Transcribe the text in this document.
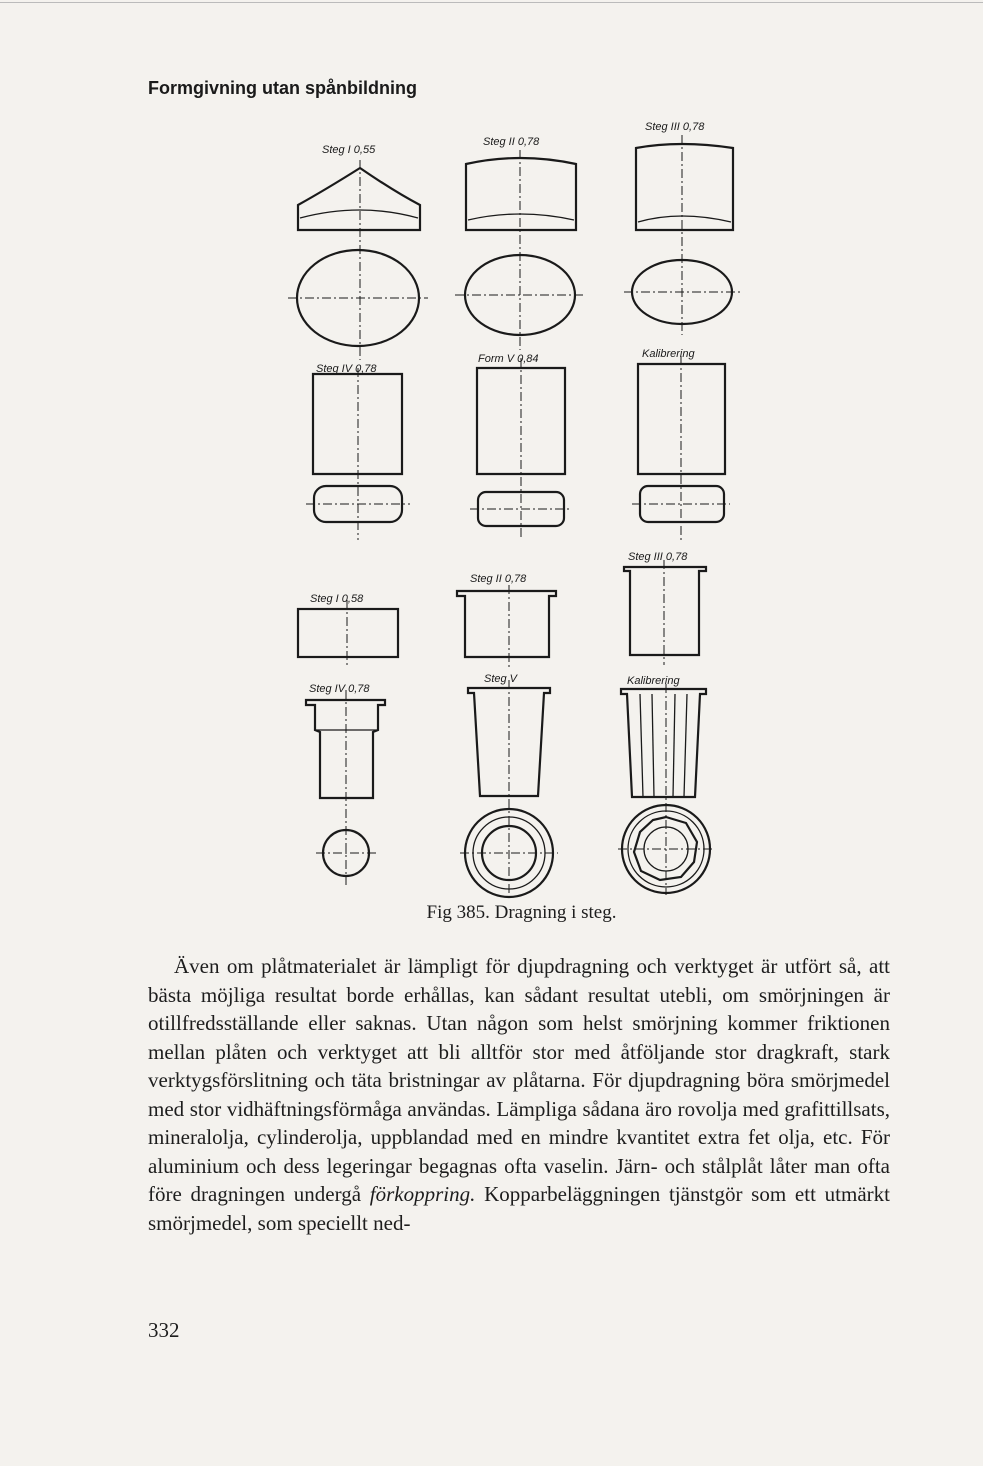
Formgivning utan spånbildning
Steg I 0,55
Steg II 0,78
Steg III 0,78
Steg IV 0,78
Form V 0,84	Kalibrering
Steg I 0,58
Steg IV 0,78
Steg II 0,78
Steg V
Steg III 0,78
Kalibrering
Fig 385. Dragning i steg.

Även om plåtmaterialet är lämpligt för djupdragning och verktyget är utfört så, att bästa möjliga resultat borde erhållas, kan sådant resultat utebli, om smörjningen är otillfredsställande eller saknas. Utan någon som helst smörjning kommer friktionen mellan plåten och verktyget att bli alltför stor med åtföljande stor dragkraft, stark verktygsförslitning och täta bristningar av plåtarna. För djupdragning böra smörjmedel med stor vidhäftningsförmåga användas. Lämpliga sådana äro rovolja med grafittillsats, mineralolja, cylinderolja, uppblandad med en mindre kvantitet extra fet olja, etc. För aluminium och dess legeringar begagnas ofta vaselin. Järn- och stålplåt låter man ofta före dragningen undergå förkoppring. Kopparbeläggningen tjänstgör som ett utmärkt smörjmedel, som speciellt ned-

332
